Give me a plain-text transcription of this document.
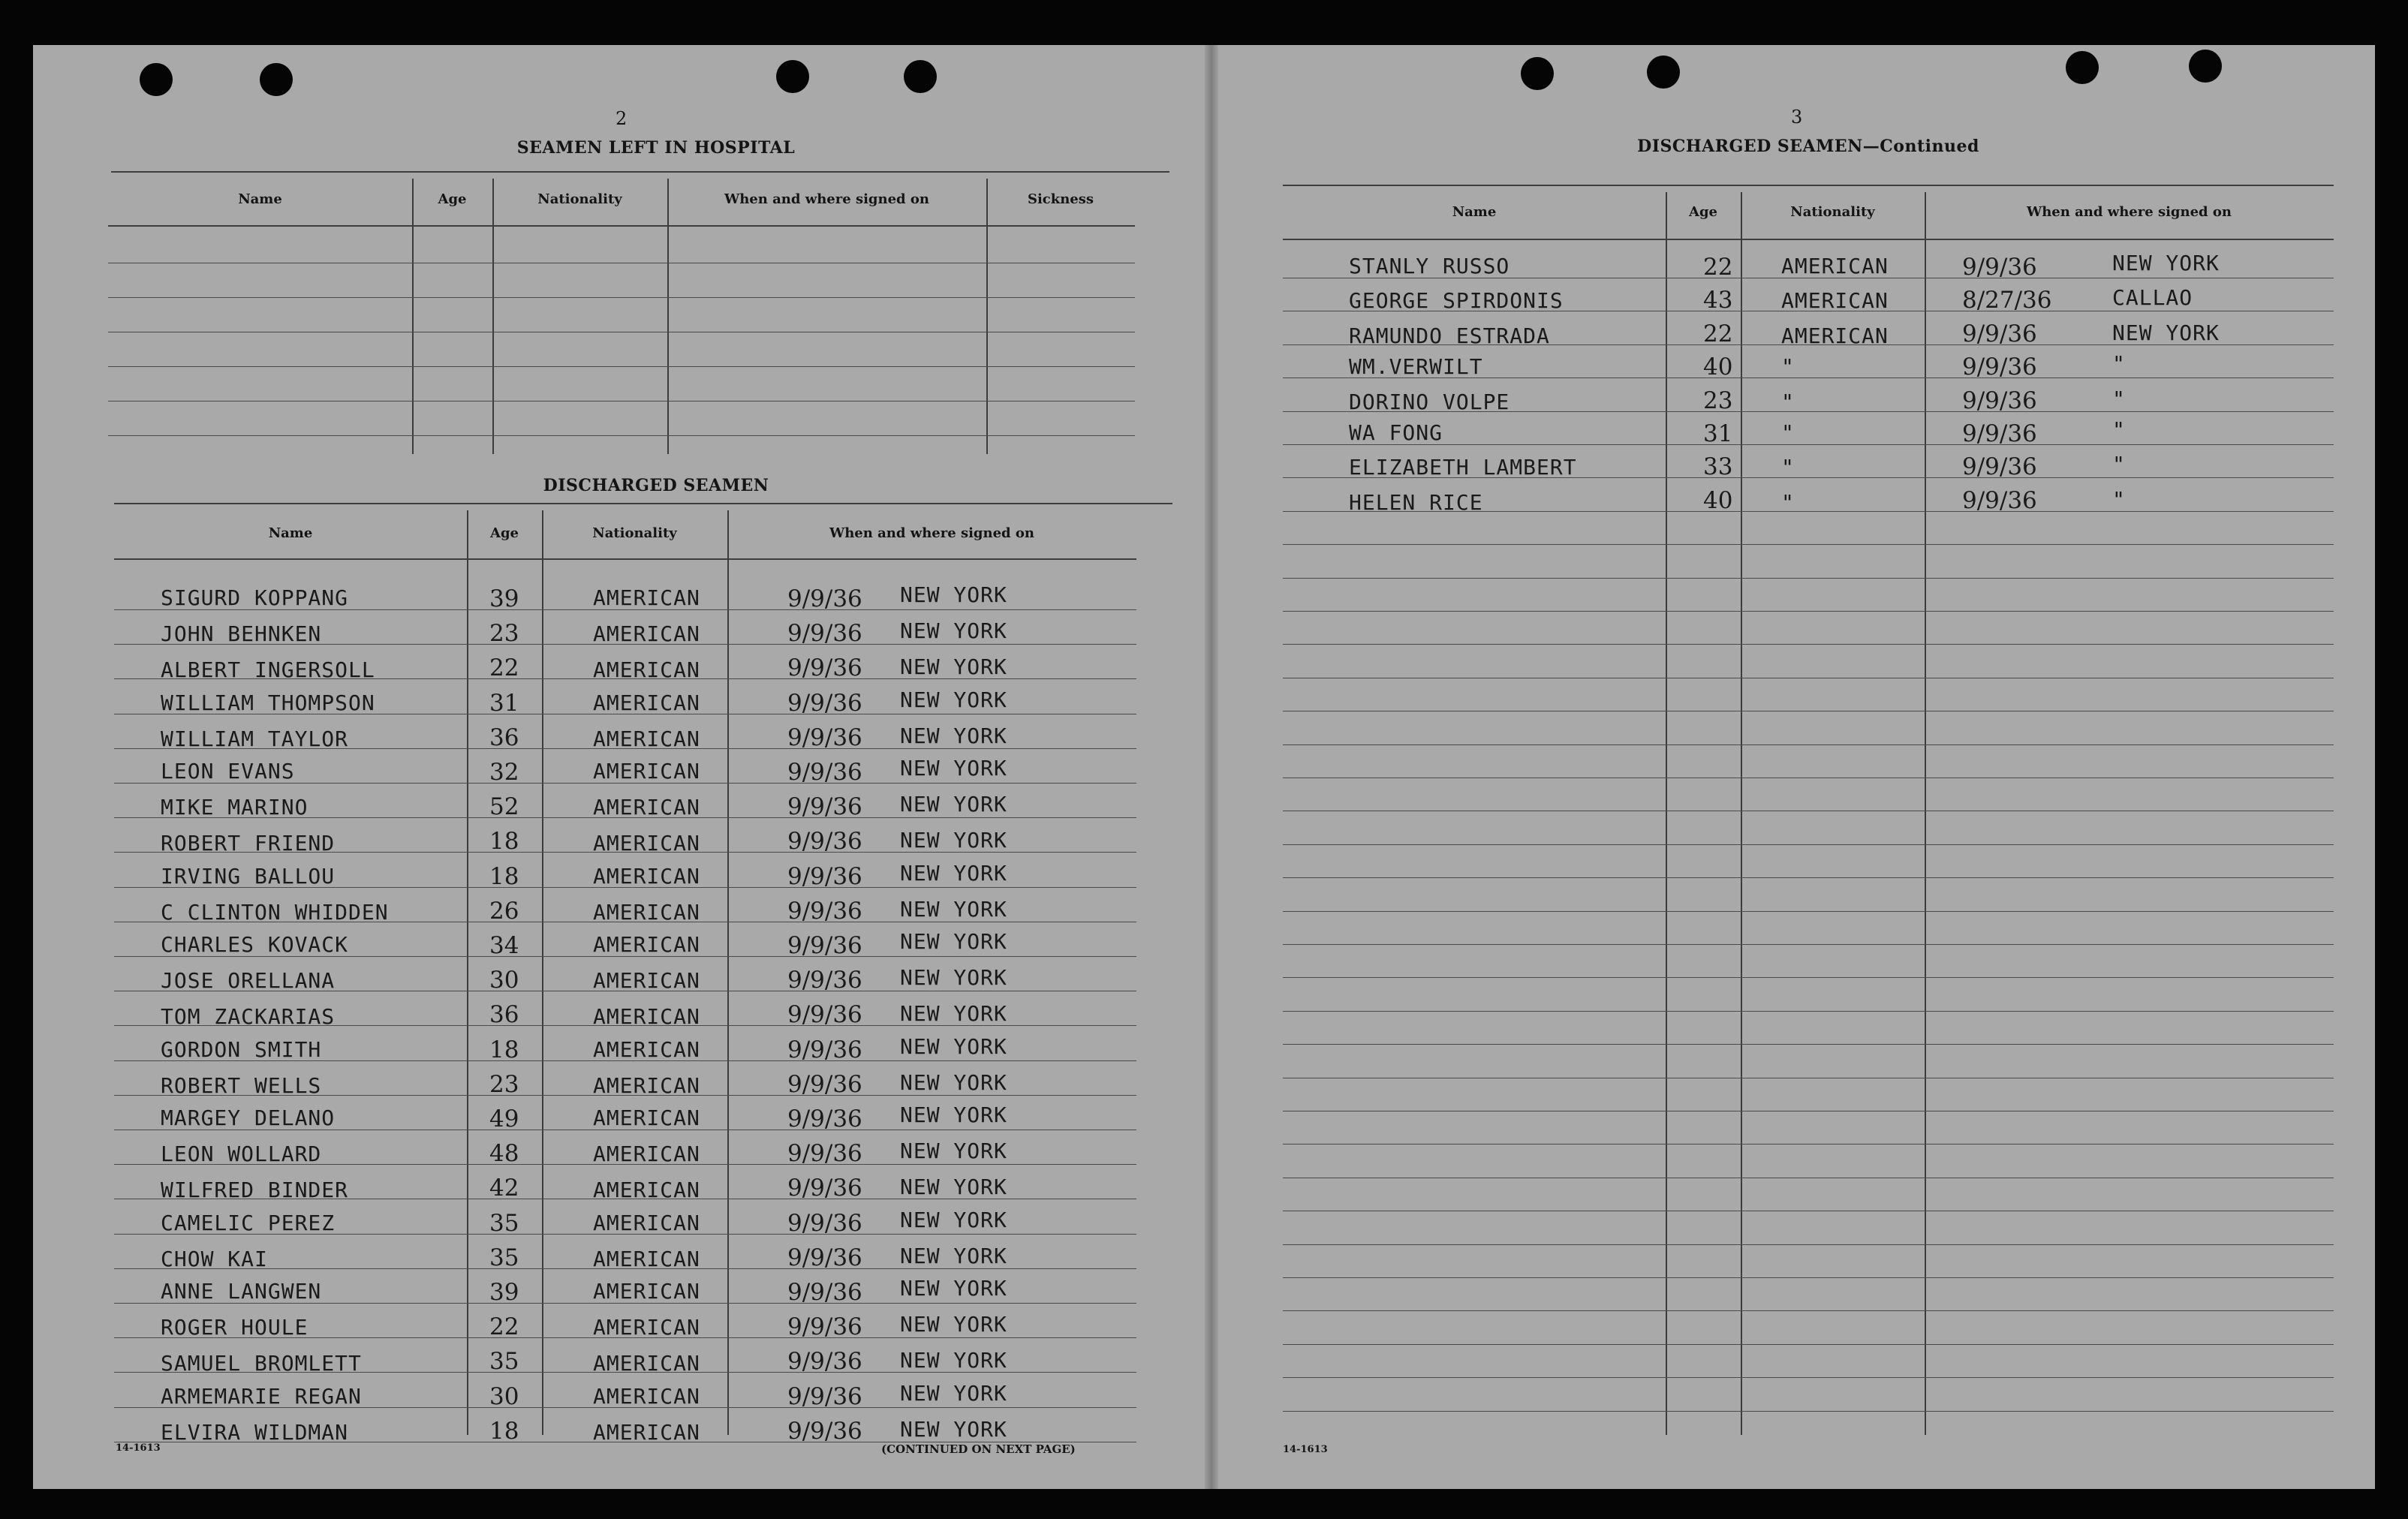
2
SEAMEN LEFT IN HOSPITAL
Name	Age	Nationality	When and where signed on	Sickness
DISCHARGED SEAMEN
Name	Age	Nationality	When and where signed on
SIGURD KOPPANG	39	AMERICAN	9/9/36 NEW YORK
JOHN BEHNKEN	23	AMERICAN	9/9/36 NEW YORK
ALBERT INGERSOLL	22	AMERICAN	9/9/36 NEW YORK
WILLIAM THOMPSON	31	AMERICAN	9/9/36 NEW YORK
WILLIAM TAYLOR	36	AMERICAN	9/9/36 NEW YORK
LEON EVANS	32	AMERICAN	9/9/36 NEW YORK
MIKE MARINO	52	AMERICAN	9/9/36 NEW YORK
ROBERT FRIEND	18	AMERICAN	9/9/36 NEW YORK
IRVING BALLOU	18	AMERICAN	9/9/36 NEW YORK
C CLINTON WHIDDEN	26	AMERICAN	9/9/36 NEW YORK
CHARLES KOVACK	34	AMERICAN	9/9/36 NEW YORK
JOSE ORELLANA	30	AMERICAN	9/9/36 NEW YORK
TOM ZACKARIAS	36	AMERICAN	9/9/36 NEW YORK
GORDON SMITH	18	AMERICAN	9/9/36 NEW YORK
ROBERT WELLS	23	AMERICAN	9/9/36 NEW YORK
MARGEY DELANO	49	AMERICAN	9/9/36 NEW YORK
LEON WOLLARD	48	AMERICAN	9/9/36 NEW YORK
WILFRED BINDER	42	AMERICAN	9/9/36 NEW YORK
CAMELIC PEREZ	35	AMERICAN	9/9/36 NEW YORK
CHOW KAI	35	AMERICAN	9/9/36 NEW YORK
ANNE LANGWEN	39	AMERICAN	9/9/36 NEW YORK
ROGER HOULE	22	AMERICAN	9/9/36 NEW YORK
SAMUEL BROMLETT	35	AMERICAN	9/9/36 NEW YORK
ARMEMARIE REGAN	30	AMERICAN	9/9/36 NEW YORK
ELVIRA WILDMAN	18	AMERICAN	9/9/36 NEW YORK
14-1613	(CONTINUED ON NEXT PAGE)
3
DISCHARGED SEAMEN—Continued
Name	Age	Nationality	When and where signed on
STANLY RUSSO	22 AMERICAN	9/9/36	NEW YORK
GEORGE SPIRDONIS	43 AMERICAN	8/27/36	CALLAO
RAMUNDO ESTRADA	22 AMERICAN	9/9/36	NEW YORK
WM.VERWILT	40 "	9/9/36	"
DORINO VOLPE	23 "	9/9/36	"
WA FONG	31 "	9/9/36	"
ELIZABETH LAMBERT	33 "	9/9/36	"
HELEN RICE	40 "	9/9/36	"
14-1613
